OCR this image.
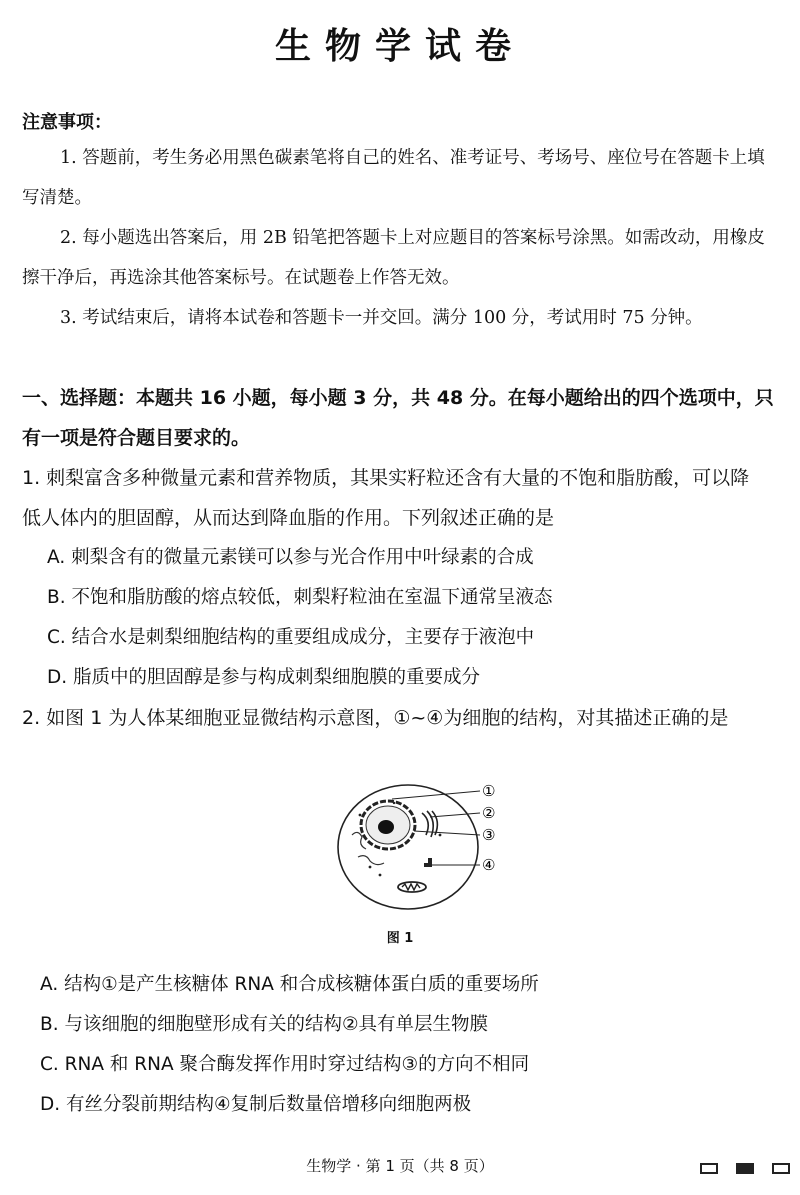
生物学试卷
注意事项：
1. 答题前，考生务必用黑色碳素笔将自己的姓名、准考证号、考场号、座位号在答题卡上填写清楚。
2. 每小题选出答案后，用 2B 铅笔把答题卡上对应题目的答案标号涂黑。如需改动，用橡皮擦干净后，再选涂其他答案标号。在试题卷上作答无效。
3. 考试结束后，请将本试卷和答题卡一并交回。满分 100 分，考试用时 75 分钟。
一、选择题：本题共 16 小题，每小题 3 分，共 48 分。在每小题给出的四个选项中，只有一项是符合题目要求的。
1. 刺梨富含多种微量元素和营养物质，其果实籽粒还含有大量的不饱和脂肪酸，可以降
低人体内的胆固醇，从而达到降血脂的作用。下列叙述正确的是
A. 刺梨含有的微量元素镁可以参与光合作用中叶绿素的合成
B. 不饱和脂肪酸的熔点较低，刺梨籽粒油在室温下通常呈液态
C. 结合水是刺梨细胞结构的重要组成成分，主要存于液泡中
D. 脂质中的胆固醇是参与构成刺梨细胞膜的重要成分
2. 如图 1 为人体某细胞亚显微结构示意图，①~④为细胞的结构，对其描述正确的是
①
②
③
④
图 1
A. 结构①是产生核糖体 RNA 和合成核糖体蛋白质的重要场所
B. 与该细胞的细胞壁形成有关的结构②具有单层生物膜
C. RNA 和 RNA 聚合酶发挥作用时穿过结构③的方向不相同
D. 有丝分裂前期结构④复制后数量倍增移向细胞两极
生物学 · 第 1 页（共 8 页）
